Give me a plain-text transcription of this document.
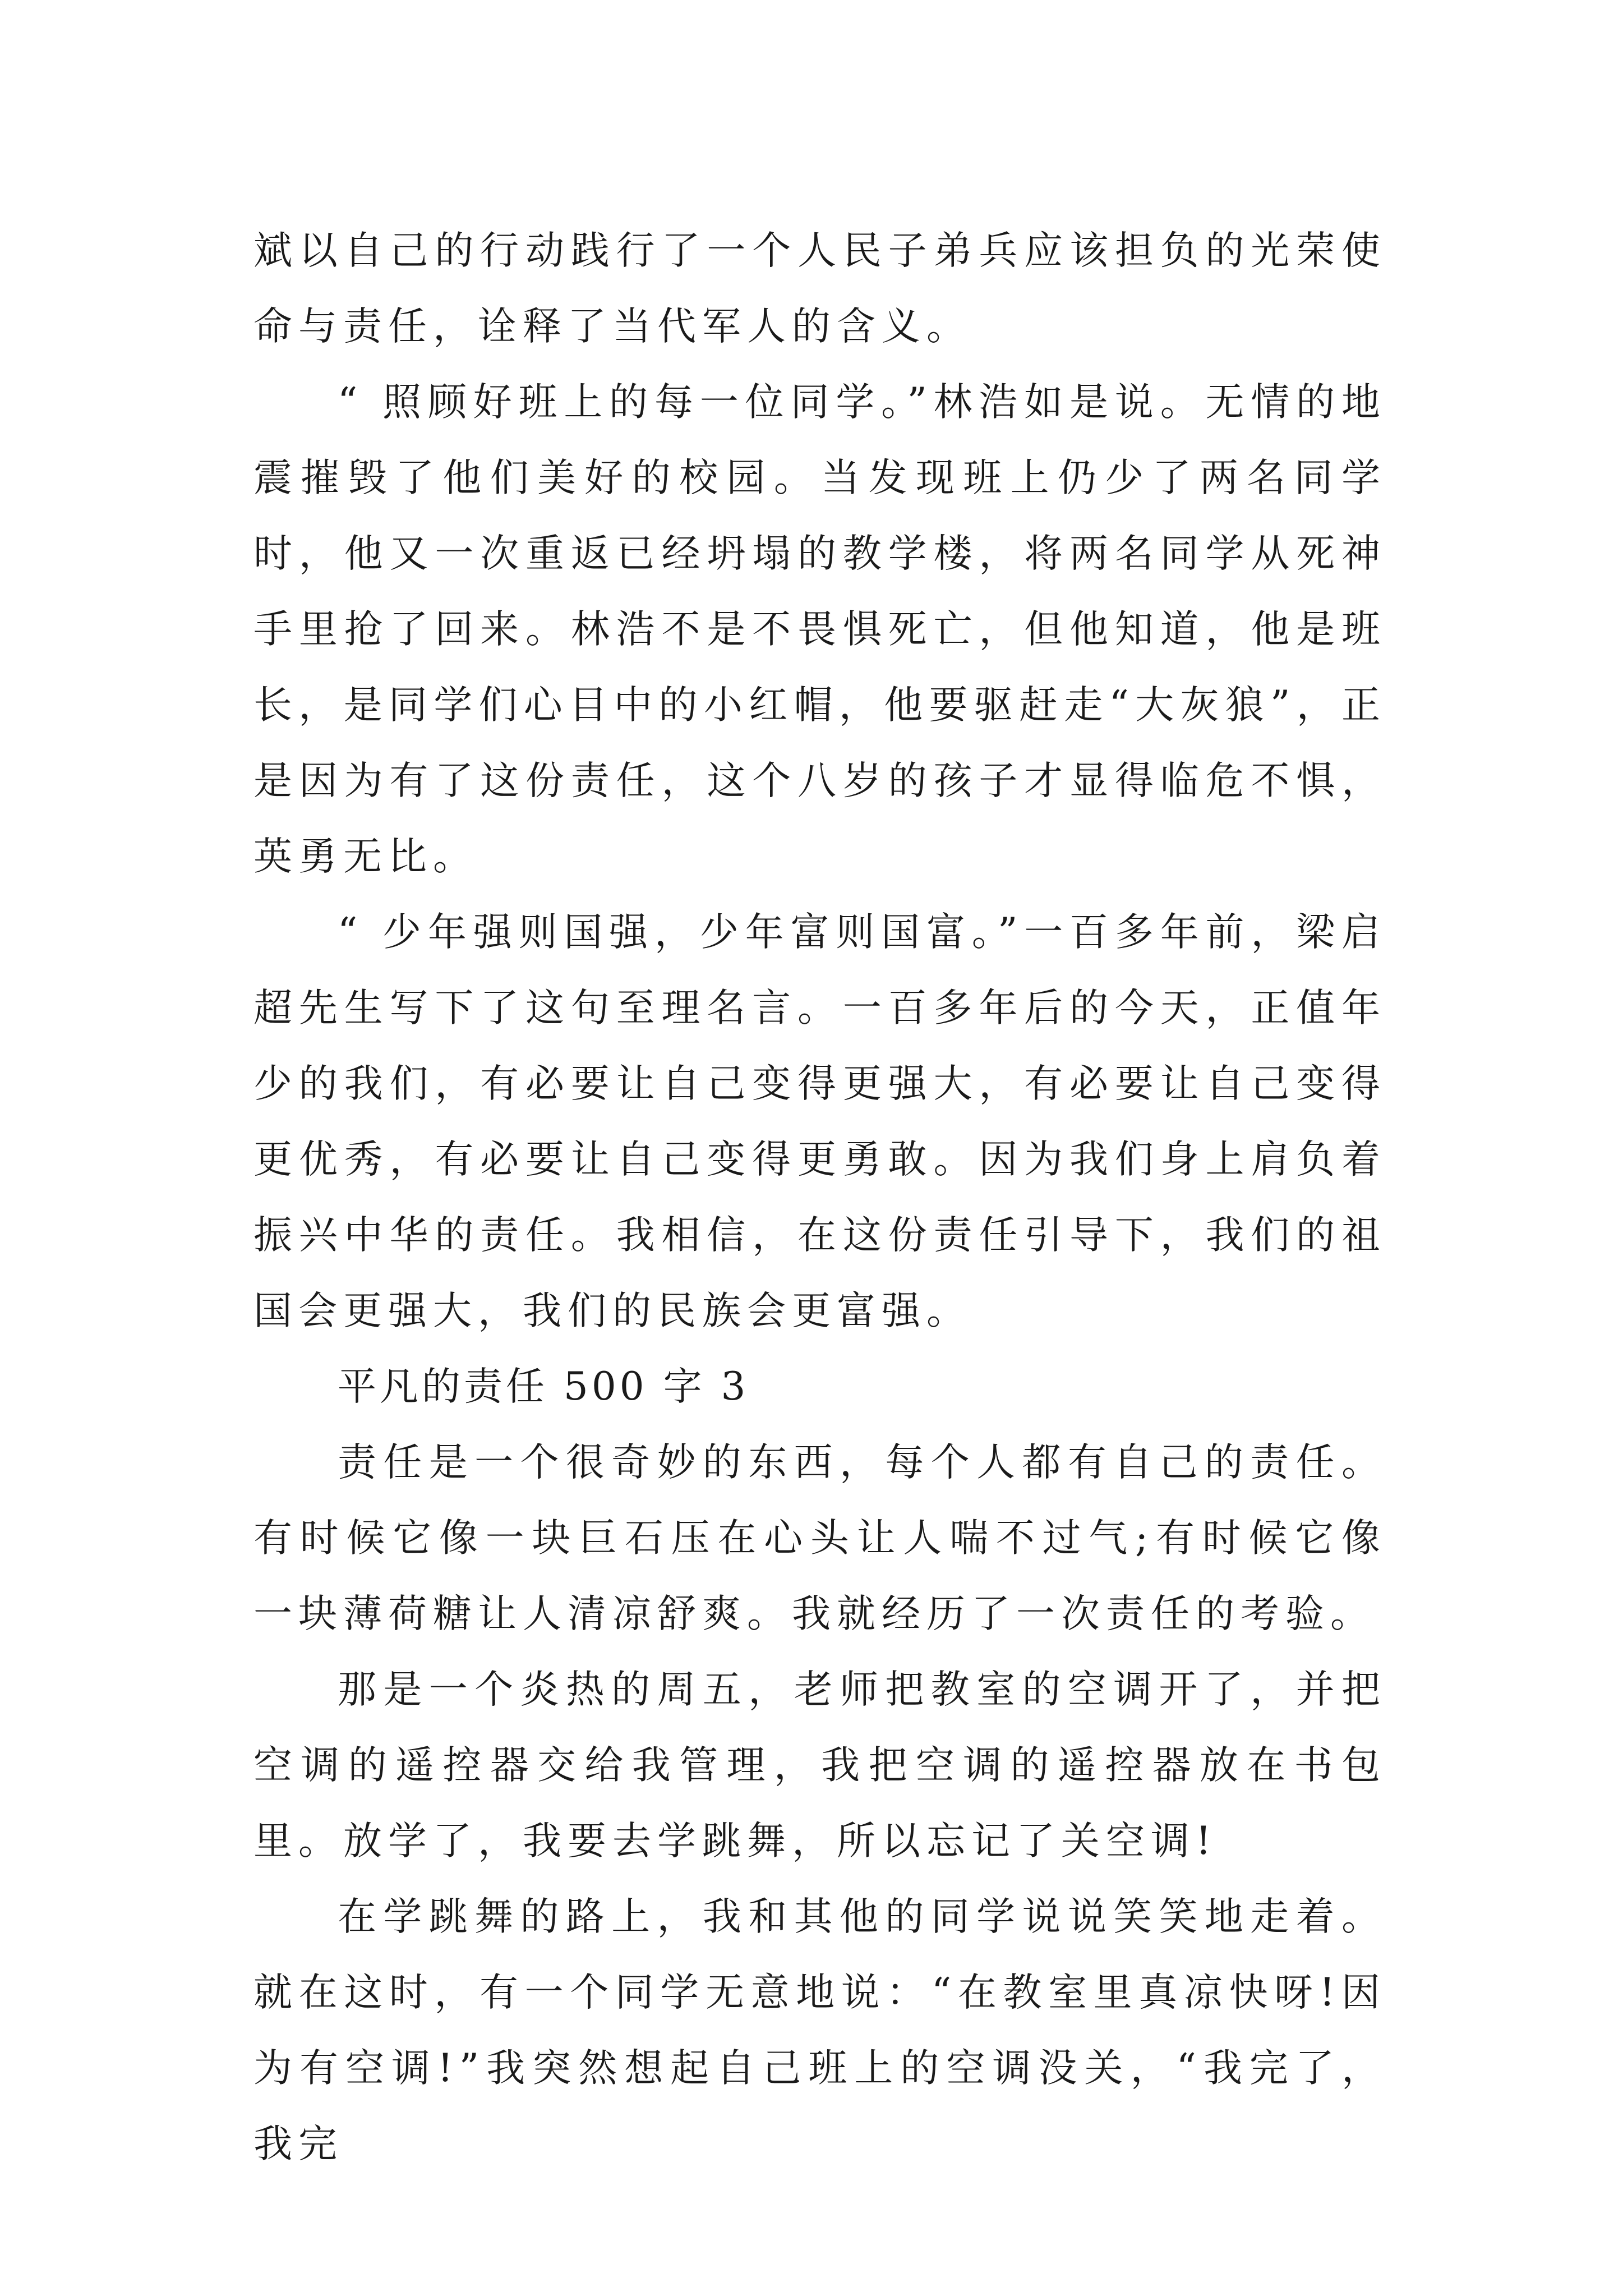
斌以自己的行动践行了一个人民子弟兵应该担负的光荣使命与责任，诠释了当代军人的含义。

“ 照顾好班上的每一位同学。”林浩如是说。无情的地震摧毁了他们美好的校园。当发现班上仍少了两名同学时，他又一次重返已经坍塌的教学楼，将两名同学从死神手里抢了回来。林浩不是不畏惧死亡，但他知道，他是班长，是同学们心目中的小红帽，他要驱赶走“大灰狼”，正是因为有了这份责任，这个八岁的孩子才显得临危不惧，英勇无比。

“ 少年强则国强，少年富则国富。”一百多年前，梁启超先生写下了这句至理名言。一百多年后的今天，正值年少的我们，有必要让自己变得更强大，有必要让自己变得更优秀，有必要让自己变得更勇敢。因为我们身上肩负着振兴中华的责任。我相信，在这份责任引导下，我们的祖国会更强大，我们的民族会更富强。

平凡的责任 500 字 3

责任是一个很奇妙的东西，每个人都有自己的责任。有时候它像一块巨石压在心头让人喘不过气;有时候它像一块薄荷糖让人清凉舒爽。我就经历了一次责任的考验。

那是一个炎热的周五，老师把教室的空调开了，并把空调的遥控器交给我管理，我把空调的遥控器放在书包里。放学了，我要去学跳舞，所以忘记了关空调!

在学跳舞的路上，我和其他的同学说说笑笑地走着。就在这时，有一个同学无意地说：“在教室里真凉快呀!因为有空调!”我突然想起自己班上的空调没关，“我完了，我完
